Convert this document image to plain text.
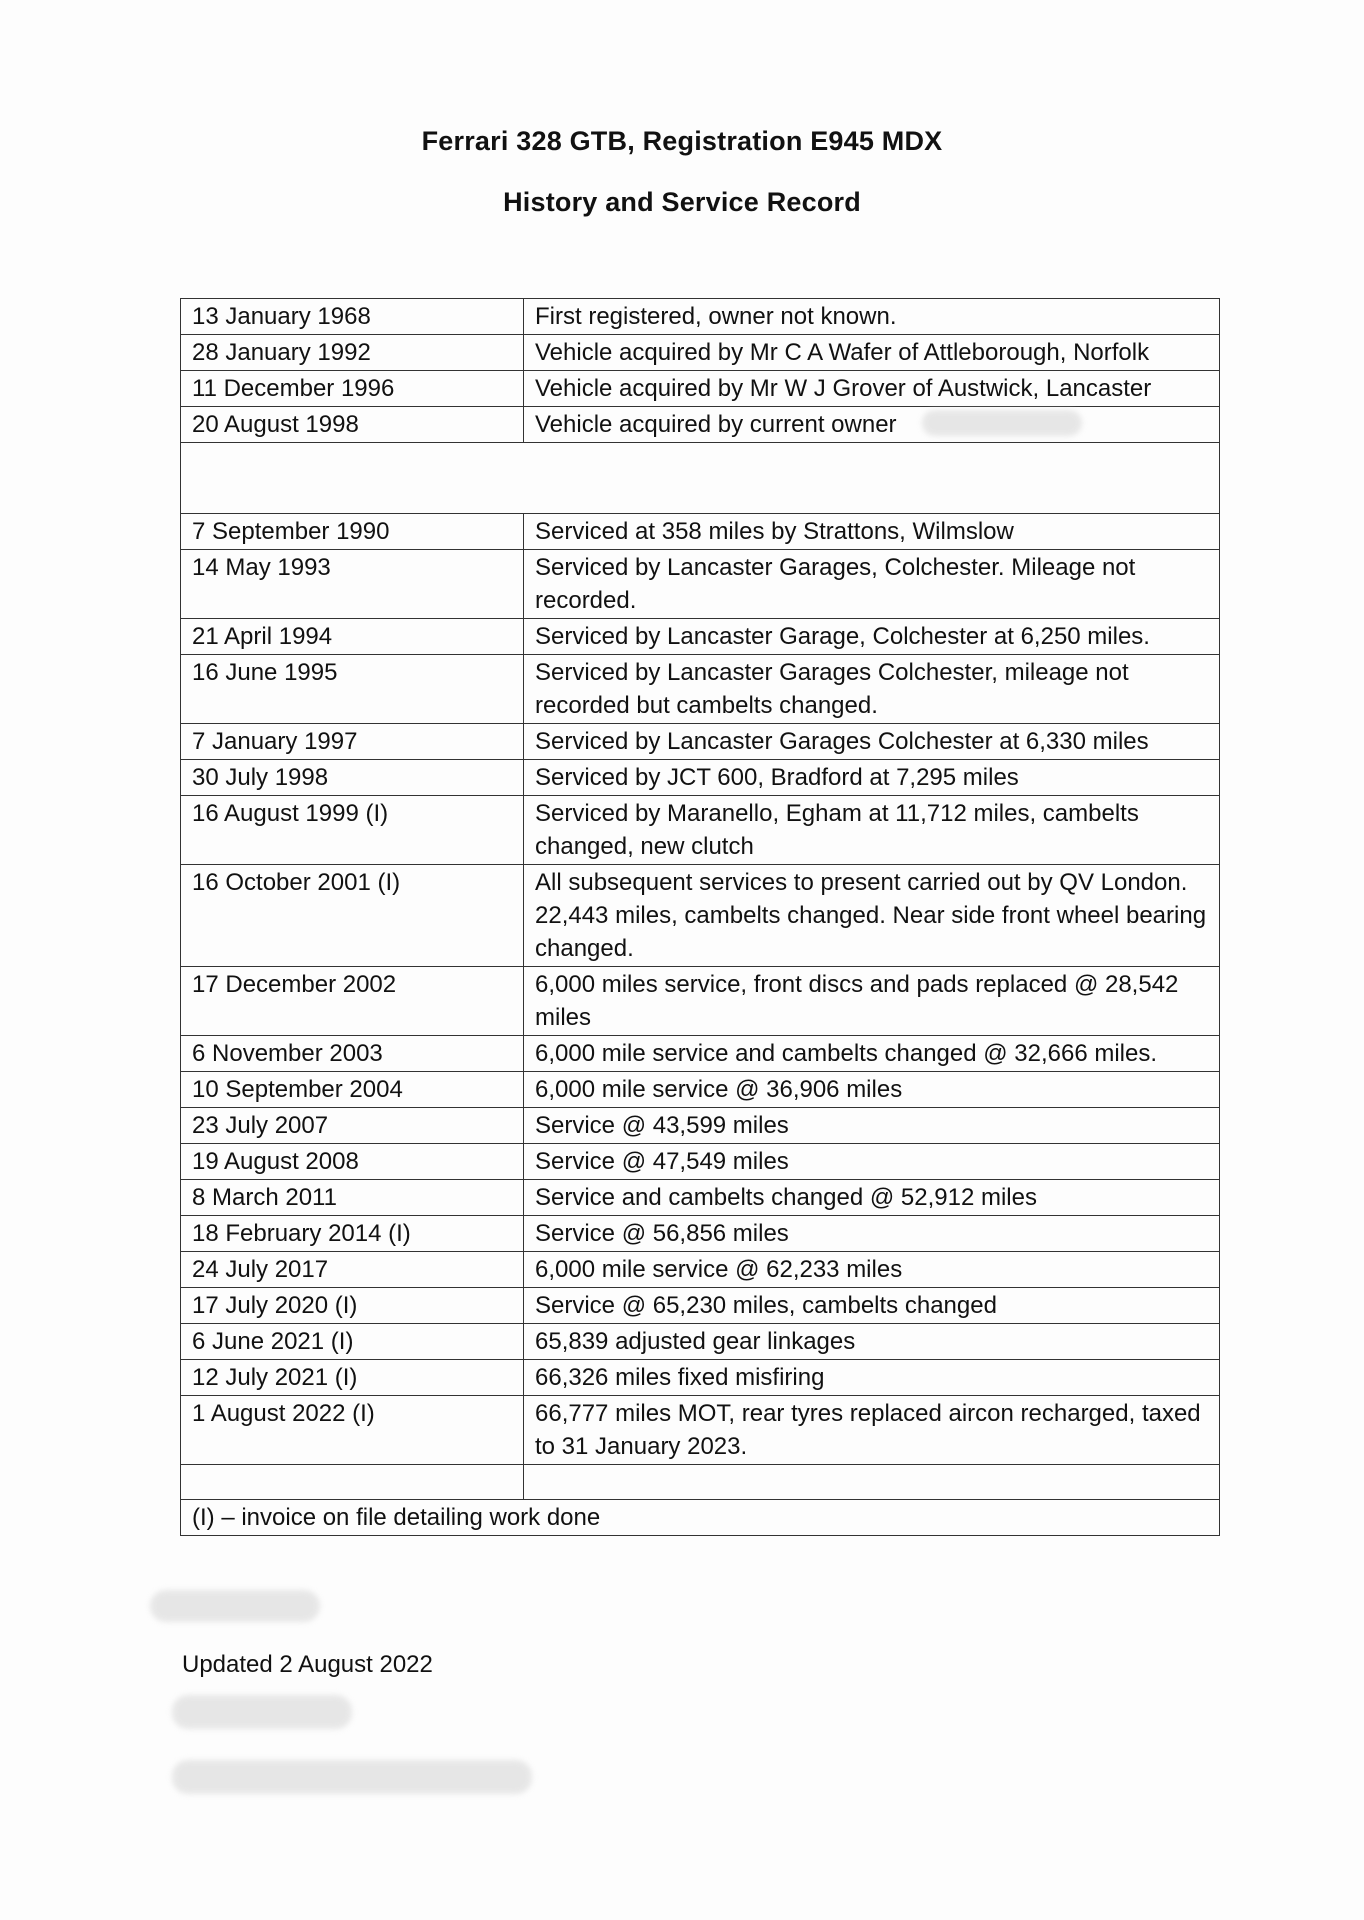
Ferrari 328 GTB, Registration E945 MDX
History and Service Record
13 January 1968	First registered, owner not known.

28 January 1992	Vehicle acquired by Mr C A Wafer of Attleborough, Norfolk

11 December 1996	Vehicle acquired by Mr W J Grover of Austwick, Lancaster

20 August 1998	Vehicle acquired by current owner

7 September 1990	Serviced at 358 miles by Strattons, Wilmslow

14 May 1993	Serviced by Lancaster Garages, Colchester. Mileage not recorded.

21 April 1994	Serviced by Lancaster Garage, Colchester at 6,250 miles.

16 June 1995	Serviced by Lancaster Garages Colchester, mileage not recorded but cambelts changed.

7 January 1997	Serviced by Lancaster Garages Colchester at 6,330 miles

30 July 1998	Serviced by JCT 600, Bradford at 7,295 miles

16 August 1999 (I)	Serviced by Maranello, Egham at 11,712 miles, cambelts changed, new clutch

16 October 2001 (I)	All subsequent services to present carried out by QV London.
22,443 miles, cambelts changed. Near side front wheel bearing changed.

17 December 2002	6,000 miles service, front discs and pads replaced @ 28,542 miles

6 November 2003	6,000 mile service and cambelts changed @ 32,666 miles.

10 September 2004	6,000 mile service @ 36,906 miles

23 July 2007	Service @ 43,599 miles

19 August 2008	Service @ 47,549 miles

8 March 2011	Service and cambelts changed @ 52,912 miles

18 February 2014 (I)	Service @ 56,856 miles

24 July 2017	6,000 mile service @ 62,233 miles

17 July 2020 (I)	Service @ 65,230 miles, cambelts changed

6 June 2021 (I)	65,839 adjusted gear linkages

12 July 2021 (I)	66,326 miles fixed misfiring

1 August 2022 (I)	66,777 miles MOT, rear tyres replaced aircon recharged, taxed to 31 January 2023.

(I) – invoice on file detailing work done	
Updated 2 August 2022
